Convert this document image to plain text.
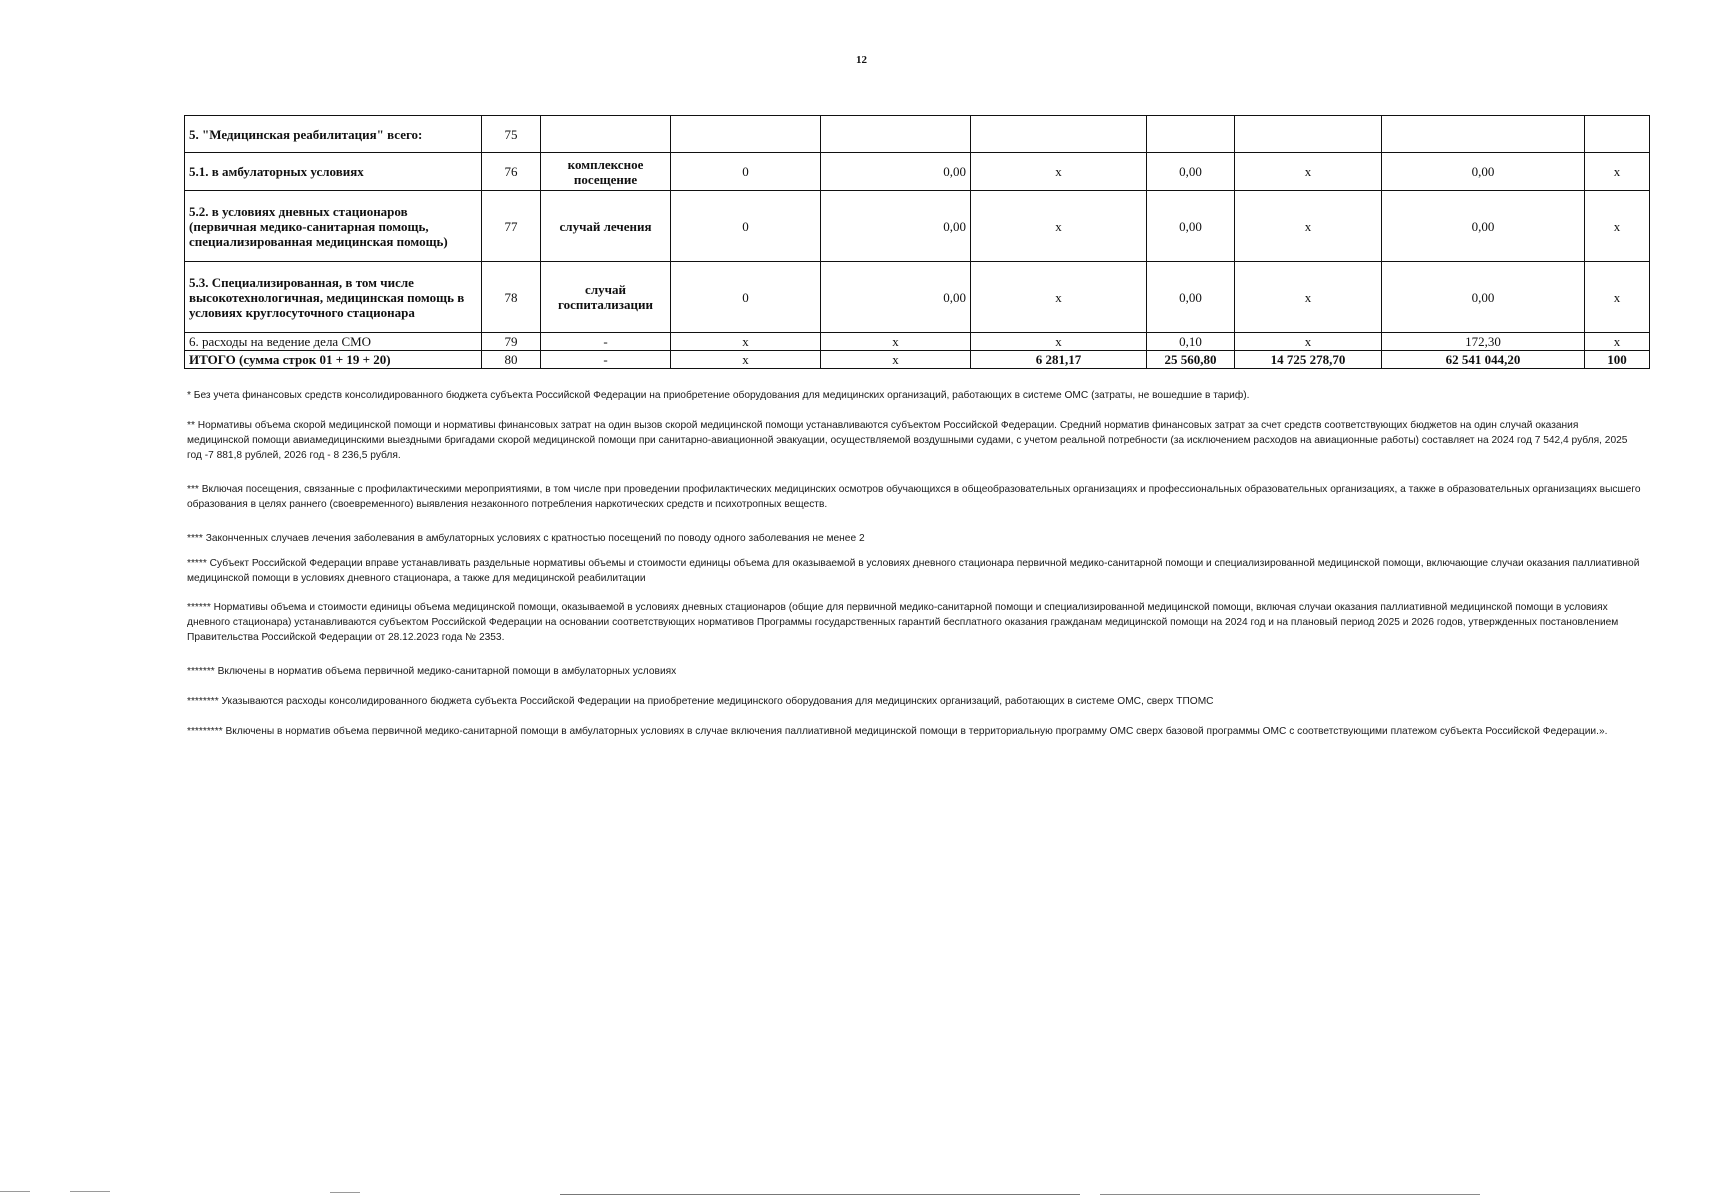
12
5. "Медицинская реабилитация" всего:	75								
5.1. в амбулаторных условиях	76	комплексное посещение	0	0,00	x	0,00	x	0,00	x
5.2. в условиях дневных стационаров (первичная медико-санитарная помощь, специализированная медицинская помощь)	77	случай лечения	0	0,00	x	0,00	x	0,00	x
5.3. Специализированная, в том числе высокотехнологичная, медицинская помощь в условиях круглосуточного стационара	78	случай госпитализации	0	0,00	x	0,00	x	0,00	x
6. расходы на ведение дела СМО	79	-	x	x	x	0,10	x	172,30	x
ИТОГО (сумма строк 01 + 19 + 20)	80	-	x	x	6 281,17	25 560,80	14 725 278,70	62 541 044,20	100

* Без учета финансовых средств консолидированного бюджета субъекта Российской Федерации на приобретение оборудования для медицинских организаций, работающих в системе ОМС (затраты, не вошедшие в тариф).

** Нормативы объема скорой медицинской помощи и нормативы финансовых затрат на один вызов скорой медицинской помощи устанавливаются субъектом Российской Федерации. Средний норматив финансовых затрат за счет средств соответствующих бюджетов на один случай оказания медицинской помощи авиамедицинскими выездными бригадами скорой медицинской помощи при санитарно-авиационной эвакуации, осуществляемой воздушными судами, с учетом реальной потребности (за исключением расходов на авиационные работы) составляет на 2024 год 7 542,4 рубля, 2025 год -7 881,8 рублей, 2026 год - 8 236,5 рубля.

*** Включая посещения, связанные с профилактическими мероприятиями, в том числе при проведении профилактических медицинских осмотров обучающихся в общеобразовательных организациях и профессиональных образовательных организациях, а также в образовательных организациях высшего образования в целях раннего (своевременного) выявления незаконного потребления наркотических средств и психотропных веществ.

**** Законченных случаев лечения заболевания в амбулаторных условиях с кратностью посещений по поводу одного заболевания не менее 2

***** Субъект Российской Федерации вправе устанавливать раздельные нормативы объемы и стоимости единицы объема для оказываемой в условиях дневного стационара первичной медико-санитарной помощи и специализированной медицинской помощи, включающие случаи оказания паллиативной медицинской помощи в условиях дневного стационара, а также для медицинской реабилитации

****** Нормативы объема и стоимости единицы объема медицинской помощи, оказываемой в условиях дневных стационаров (общие для первичной медико-санитарной помощи и специализированной медицинской помощи, включая случаи оказания паллиативной медицинской помощи в условиях дневного стационара) устанавливаются субъектом Российской Федерации на основании соответствующих нормативов Программы государственных гарантий бесплатного оказания гражданам медицинской помощи на 2024 год и на плановый период 2025 и 2026 годов, утвержденных постановлением Правительства Российской Федерации от 28.12.2023 года № 2353.

******* Включены в норматив объема первичной медико-санитарной помощи в амбулаторных условиях

******** Указываются расходы консолидированного бюджета субъекта Российской Федерации на приобретение медицинского оборудования для медицинских организаций, работающих в системе ОМС, сверх ТПОМС

********* Включены в норматив объема первичной медико-санитарной помощи в амбулаторных условиях в случае включения паллиативной медицинской помощи в территориальную программу ОМС сверх базовой программы ОМС с соответствующими платежом субъекта Российской Федерации.».
